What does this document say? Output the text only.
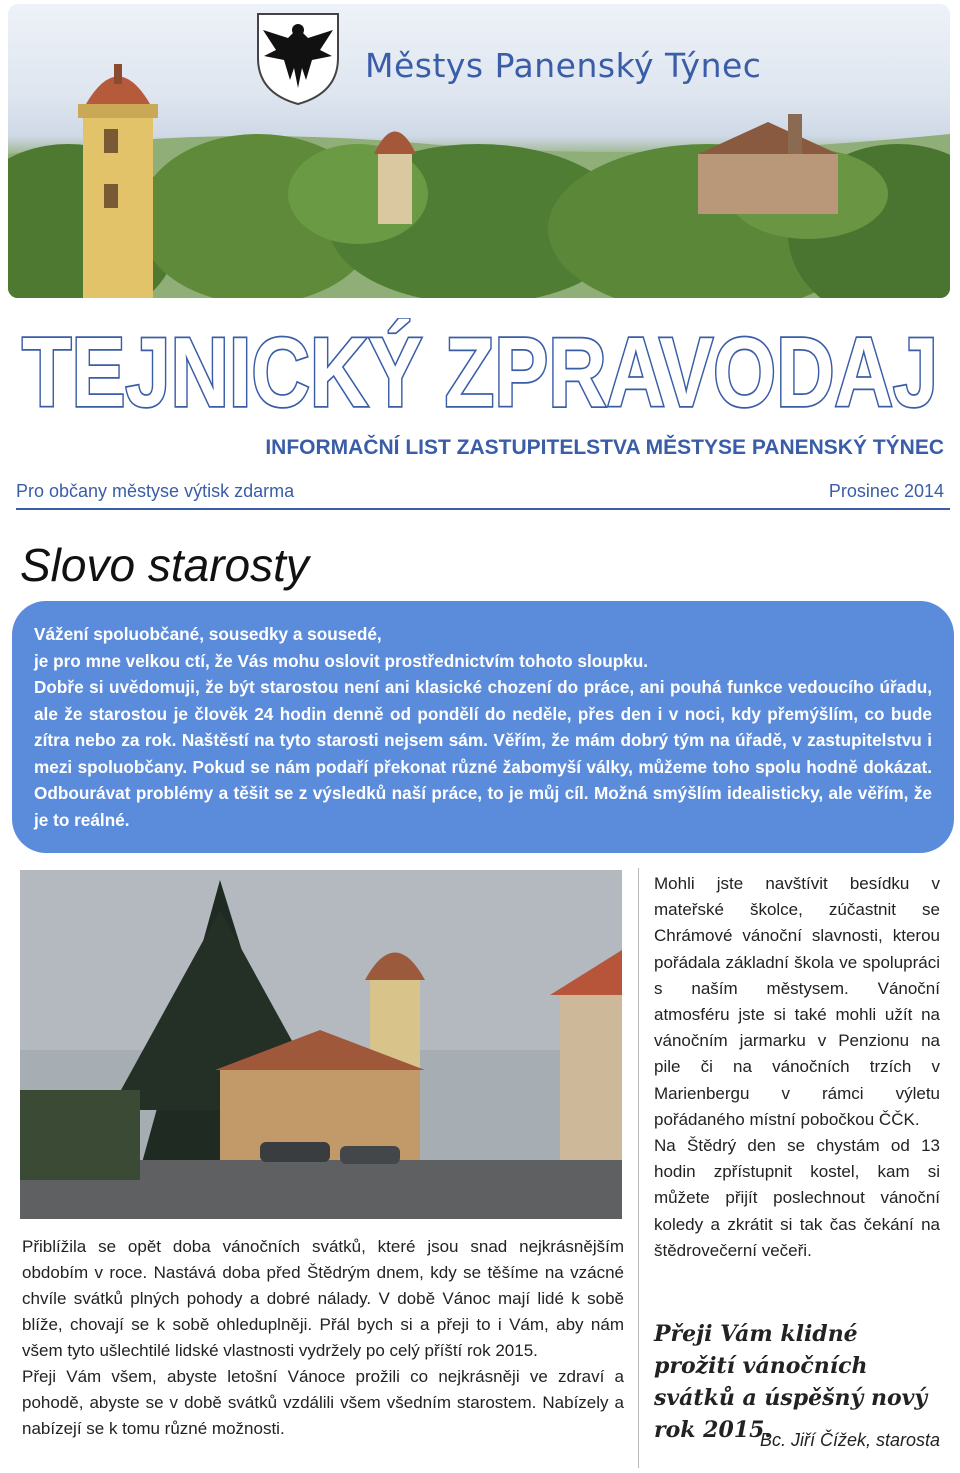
Městys Panenský Týnec
TEJNICKÝ ZPRAVODAJ
INFORMAČNÍ LIST ZASTUPITELSTVA MĚSTYSE PANENSKÝ TÝNEC
Pro občany městyse výtisk zdarma	Prosinec 2014
Slovo starosty
Vážení spoluobčané, sousedky a sousedé,
je pro mne velkou ctí, že Vás mohu oslovit prostřednictvím tohoto sloupku.

Dobře si uvědomuji, že být starostou není ani klasické chození do práce, ani pouhá funkce vedoucího úřadu, ale že starostou je člověk 24 hodin denně od pondělí do neděle, přes den i v noci, kdy přemýšlím, co bude zítra nebo za rok. Naštěstí na tyto starosti nejsem sám. Věřím, že mám dobrý tým na úřadě, v zastupitelstvu i mezi spoluobčany. Pokud se nám podaří překonat různé žabomyší války, můžeme toho spolu hodně dokázat. Odbourávat problémy a těšit se z výsledků naší práce, to je můj cíl. Možná smýšlím idealisticky, ale věřím, že je to reálné.

Přiblížila se opět doba vánočních svátků, které jsou snad nejkrásnějším obdobím v roce. Nastává doba před Štědrým dnem, kdy se těšíme na vzácné chvíle svátků plných pohody a dobré nálady. V době Vánoc mají lidé k sobě blíže, chovají se k sobě ohleduplněji. Přál bych si a přeji to i Vám, aby nám všem tyto ušlechtilé lidské vlastnosti vydržely po celý příští rok 2015.

Přeji Vám všem, abyste letošní Vánoce prožili co nejkrásněji ve zdraví a pohodě, abyste se v době svátků vzdálili všem všedním starostem. Nabízely a nabízejí se k tomu různé možnosti.

Mohli jste navštívit besídku v mateřské školce, zúčastnit se Chrámové vánoční slavnosti, kterou pořádala základní škola ve spolupráci s naším městysem. Vánoční atmosféru jste si také mohli užít na vánočním jarmarku v Penzionu na pile či na vánočních trzích v Marienbergu v rámci výletu pořádaného místní pobočkou ČČK.

Na Štědrý den se chystám od 13 hodin zpřístupnit kostel, kam si můžete přijít poslechnout vánoční koledy a zkrátit si tak čas čekání na štědrovečerní večeři.

Přeji Vám klidné prožití vánočních svátků a úspěšný nový rok 2015.
Bc. Jiří Čížek, starosta
